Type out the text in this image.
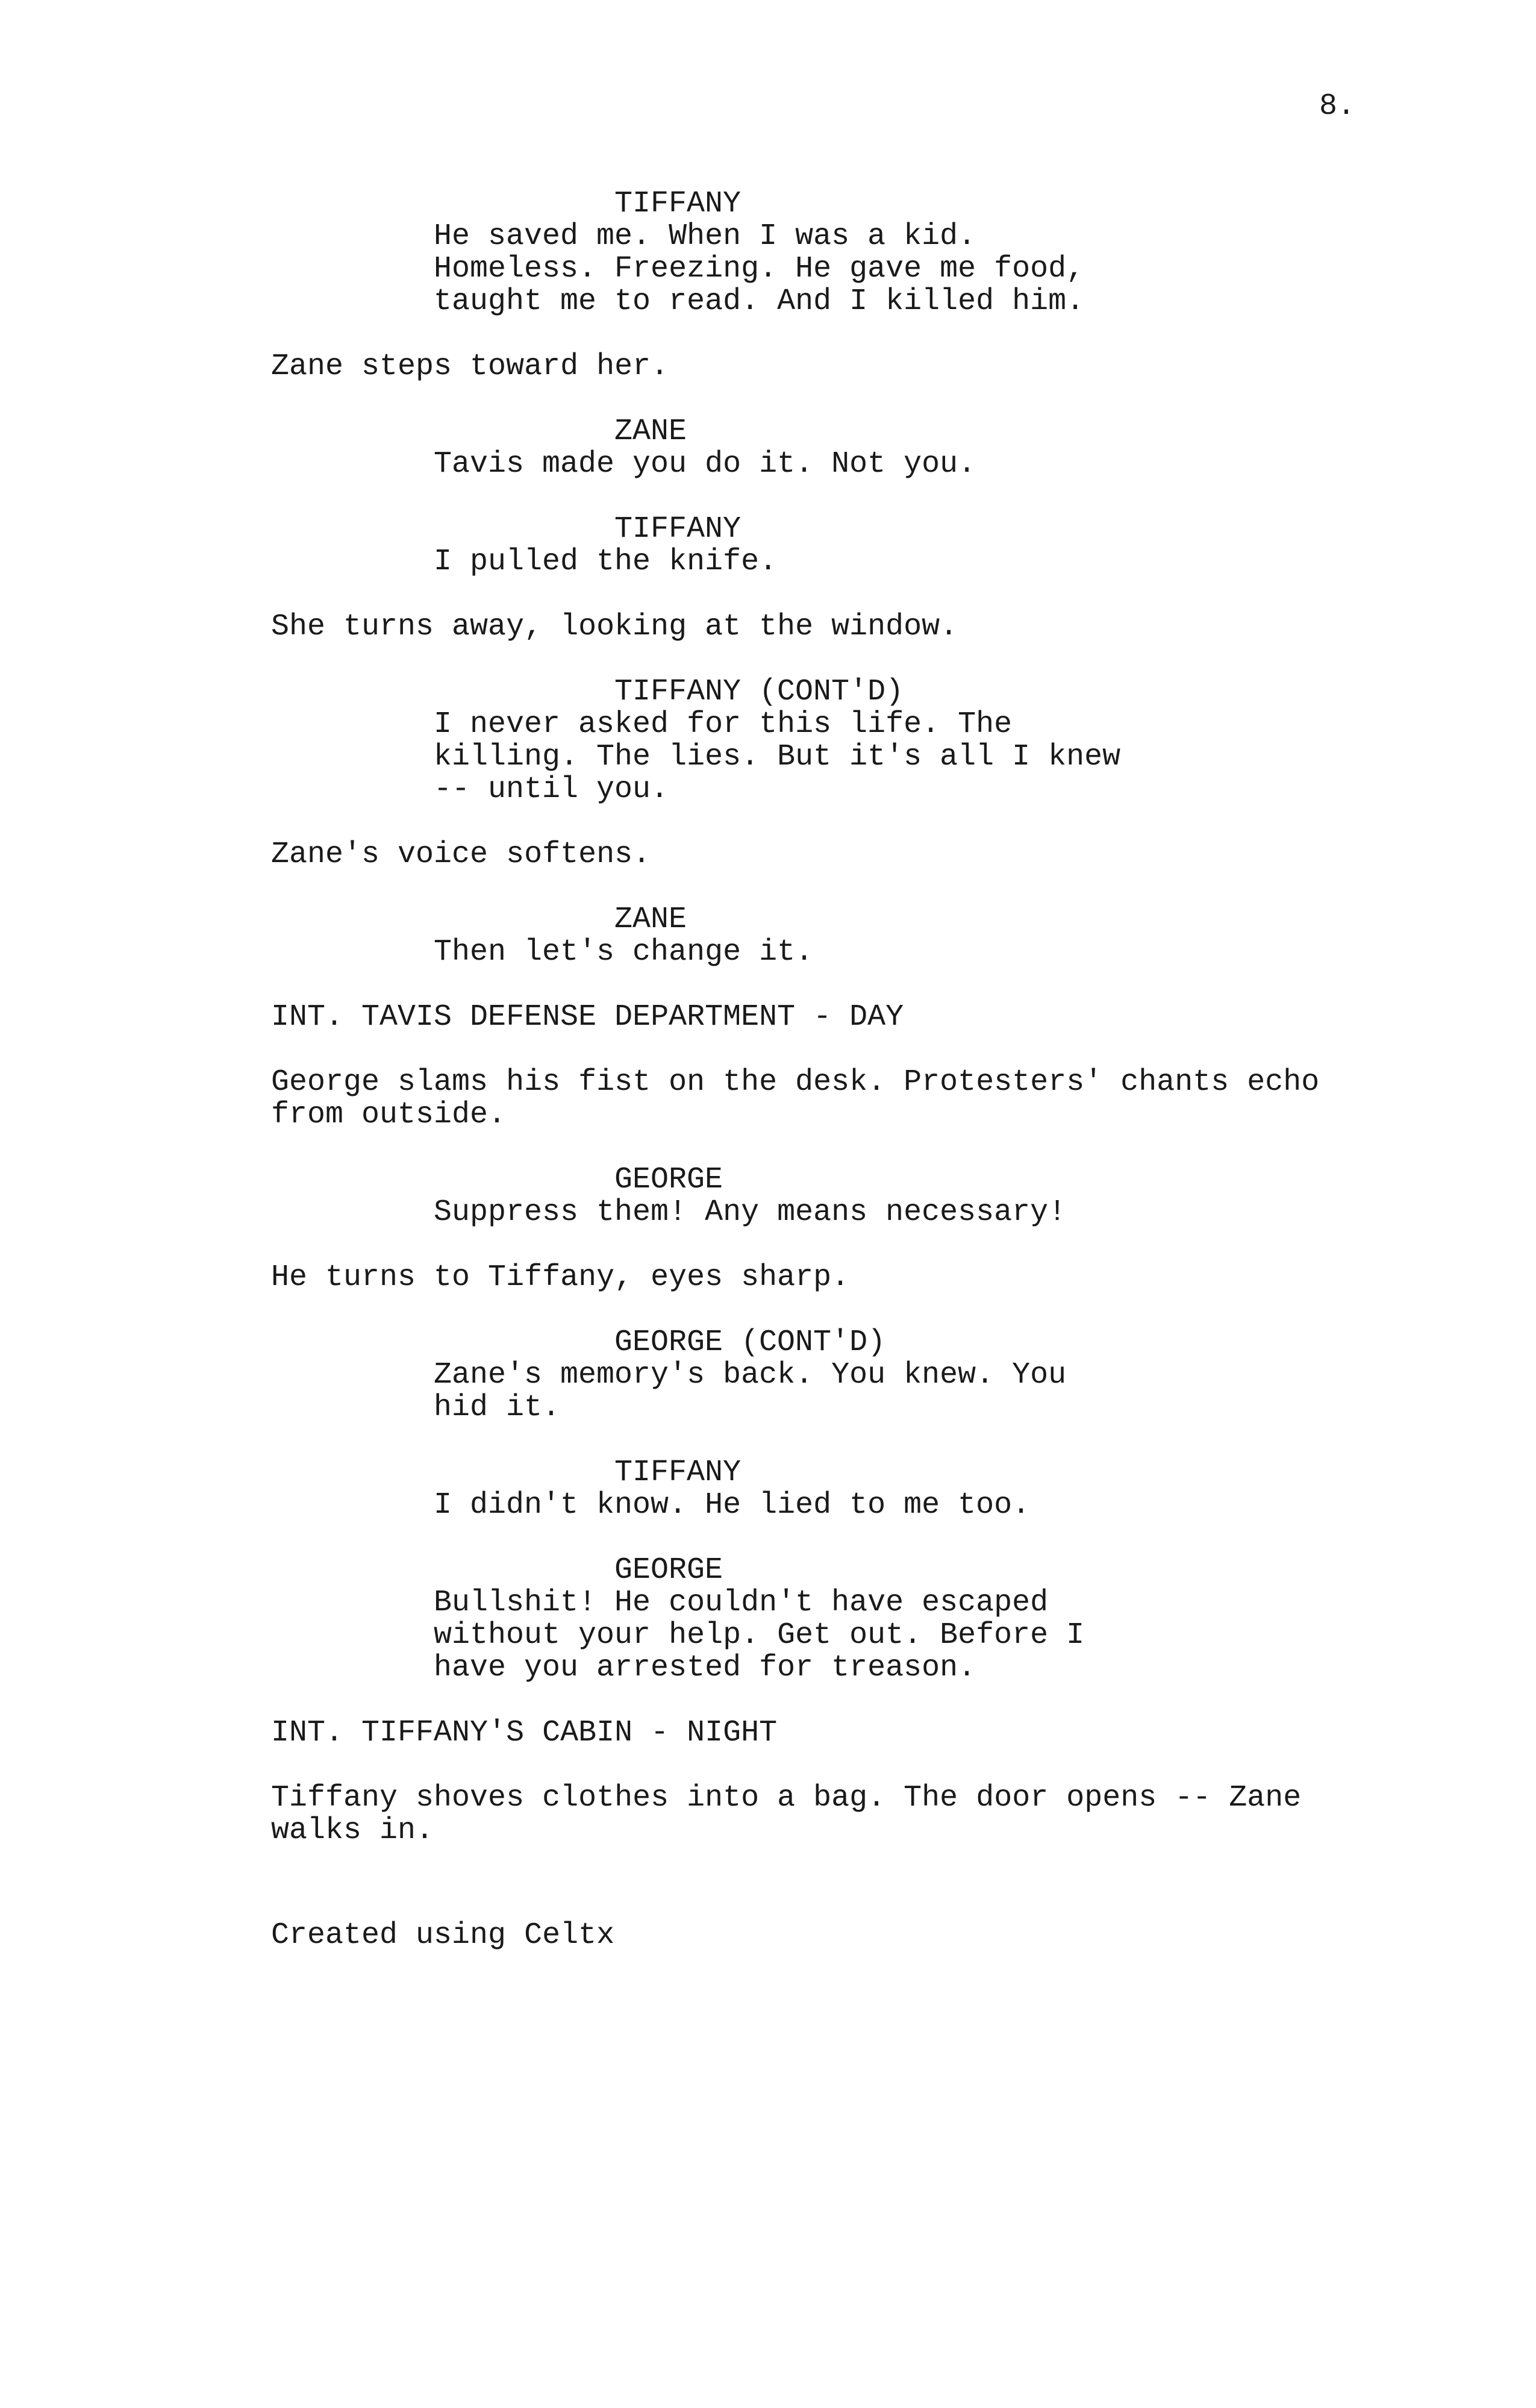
8.

TIFFANY

He saved me. When I was a kid.

Homeless. Freezing. He gave me food,

taught me to read. And I killed him.

Zane steps toward her.

ZANE

Tavis made you do it. Not you.

TIFFANY

I pulled the knife.

She turns away, looking at the window.

TIFFANY (CONT'D)

I never asked for this life. The

killing. The lies. But it's all I knew

-- until you.

Zane's voice softens.

ZANE

Then let's change it.

INT. TAVIS DEFENSE DEPARTMENT - DAY

George slams his fist on the desk. Protesters' chants echo

from outside.

GEORGE

Suppress them! Any means necessary!

He turns to Tiffany, eyes sharp.

GEORGE (CONT'D)

Zane's memory's back. You knew. You

hid it.

TIFFANY

I didn't know. He lied to me too.

GEORGE

Bullshit! He couldn't have escaped

without your help. Get out. Before I

have you arrested for treason.

INT. TIFFANY'S CABIN - NIGHT

Tiffany shoves clothes into a bag. The door opens -- Zane

walks in.

Created using Celtx
